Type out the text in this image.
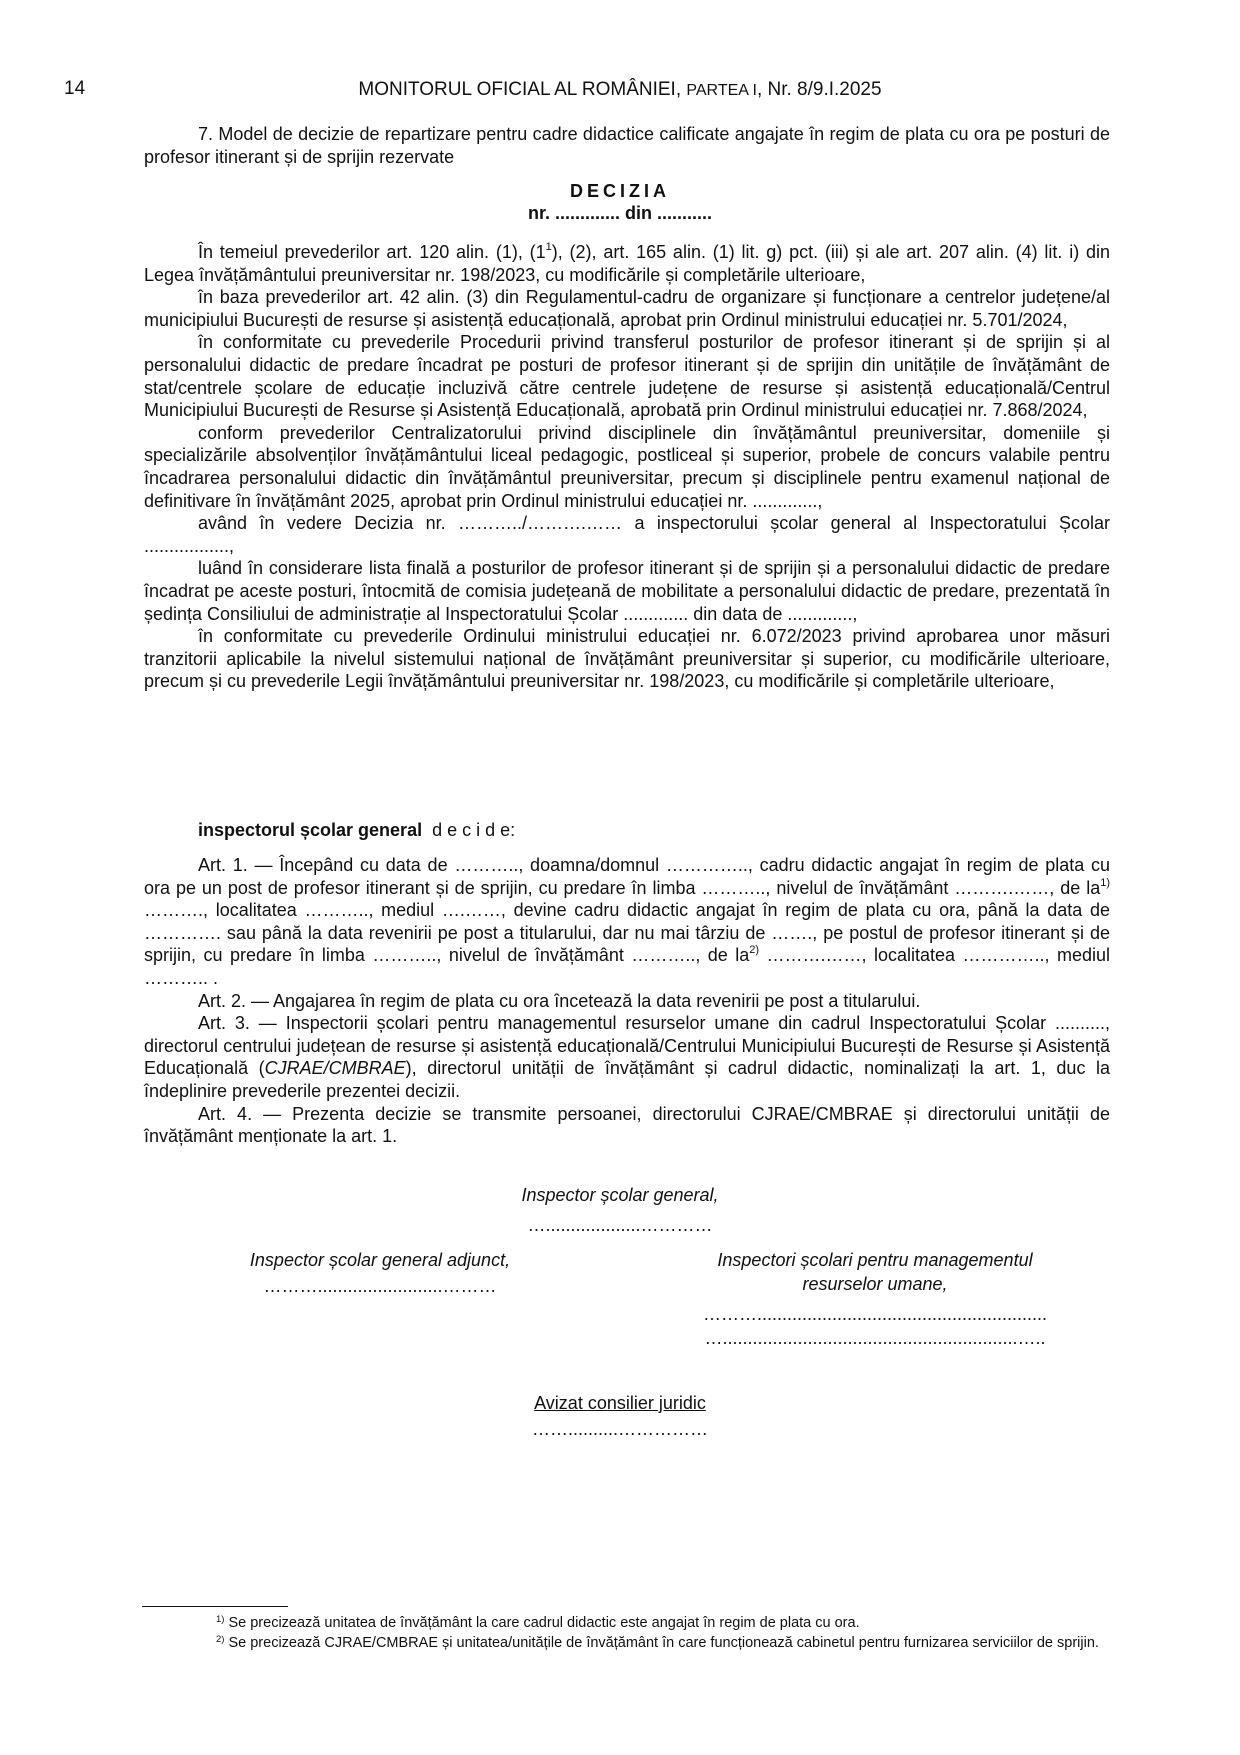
14	MONITORUL OFICIAL AL ROMÂNIEI, PARTEA I, Nr. 8/9.I.2025

7. Model de decizie de repartizare pentru cadre didactice calificate angajate în regim de plata cu ora pe posturi de profesor itinerant și de sprijin rezervate

DECIZIA
nr. ............. din ...........

În temeiul prevederilor art. 120 alin. (1), $(1^1)$, (2), art. 165 alin. (1) lit. g) pct. (iii) și ale art. 207 alin. (4) lit. i) din Legea învățământului preuniversitar nr. 198/2023, cu modificările și completările ulterioare,

în baza prevederilor art. 42 alin. (3) din Regulamentul-cadru de organizare și funcționare a centrelor județene/al municipiului București de resurse și asistență educațională, aprobat prin Ordinul ministrului educației nr. 5.701/2024,

în conformitate cu prevederile Procedurii privind transferul posturilor de profesor itinerant și de sprijin și al personalului didactic de predare încadrat pe posturi de profesor itinerant și de sprijin din unitățile de învățământ de stat/centrele școlare de educație incluzivă către centrele județene de resurse și asistență educațională/Centrul Municipiului București de Resurse și Asistență Educațională, aprobată prin Ordinul ministrului educației nr. 7.868/2024,

conform prevederilor Centralizatorului privind disciplinele din învățământul preuniversitar, domeniile și specializările absolvenților învățământului liceal pedagogic, postliceal și superior, probele de concurs valabile pentru încadrarea personalului didactic din învățământul preuniversitar, precum și disciplinele pentru examenul național de definitivare în învățământ 2025, aprobat prin Ordinul ministrului educației nr. .............,

având în vedere Decizia nr. ………../……….…… a inspectorului școlar general al Inspectoratului Școlar .................,

luând în considerare lista finală a posturilor de profesor itinerant și de sprijin și a personalului didactic de predare încadrat pe aceste posturi, întocmită de comisia județeană de mobilitate a personalului didactic de predare, prezentată în ședința Consiliului de administrație al Inspectoratului Școlar ............. din data de .............,

în conformitate cu prevederile Ordinului ministrului educației nr. 6.072/2023 privind aprobarea unor măsuri tranzitorii aplicabile la nivelul sistemului național de învățământ preuniversitar și superior, cu modificările ulterioare, precum și cu prevederile Legii învățământului preuniversitar nr. 198/2023, cu modificările și completările ulterioare,

inspectorul școlar general d e c i d e:

Art. 1. — Începând cu data de ……….., doamna/domnul ………….., cadru didactic angajat în regim de plata cu ora pe un post de profesor itinerant și de sprijin, cu predare în limba ……….., nivelul de învățământ ……….……, de $la^{1)}$ ………., localitatea ……….., mediul ….……, devine cadru didactic angajat în regim de plata cu ora, până la data de …………. sau până la data revenirii pe post a titularului, dar nu mai târziu de ……., pe postul de profesor itinerant și de sprijin, cu predare în limba ……….., nivelul de învățământ ……….., de $la^{2)}$ ……….……, localitatea ………….., mediul ……….. .

Art. 2. — Angajarea în regim de plata cu ora încetează la data revenirii pe post a titularului.

Art. 3. — Inspectorii școlari pentru managementul resurselor umane din cadrul Inspectoratului Școlar .........., directorul centrului județean de resurse și asistență educațională/Centrului Municipiului București de Resurse și Asistență Educațională (CJRAE/CMBRAE), directorul unității de învățământ și cadrul didactic, nominalizați la art. 1, duc la îndeplinire prevederile prezentei decizii.

Art. 4. — Prezenta decizie se transmite persoanei, directorului CJRAE/CMBRAE și directorului unității de învățământ menționate la art. 1.

Inspector școlar general,
…...................…………
Inspector școlar general adjunct,
……….........................………
Inspectori școlari pentru managementul resurselor umane,
………..........................................................
…...........................................................…..
Avizat consilier juridic
……..........……………

$^{1)}$ Se precizează unitatea de învățământ la care cadrul didactic este angajat în regim de plata cu ora.

$^{2)}$ Se precizează CJRAE/CMBRAE și unitatea/unitățile de învățământ în care funcționează cabinetul pentru furnizarea serviciilor de sprijin.
